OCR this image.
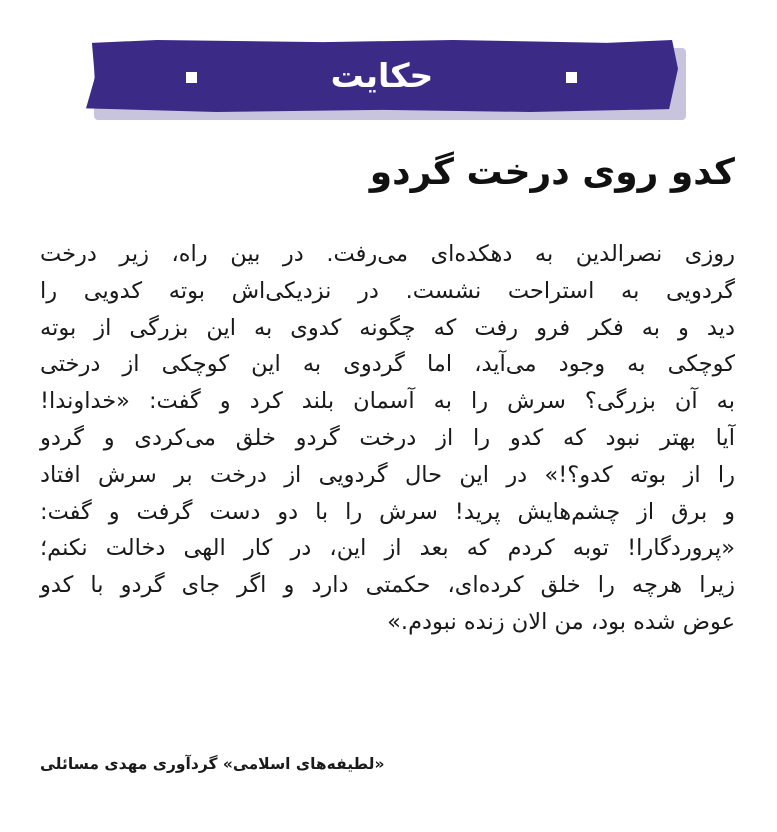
حکایت
کدو روی درخت گردو
روزی نصرالدین به دهکده‌ای می‌رفت. در بین راه، زیر درخت
گردویی به استراحت نشست. در نزدیکی‌اش بوته کدویی را
دید و به فکر فرو رفت که چگونه کدوی به این بزرگی از بوته
کوچکی به وجود می‌آید، اما گردوی به این کوچکی از درختی
به آن بزرگی؟ سرش را به آسمان بلند کرد و گفت: «خداوندا!
آیا بهتر نبود که کدو را از درخت گردو خلق می‌کردی و گردو
را از بوته کدو؟!» در این حال گردویی از درخت بر سرش افتاد
و برق از چشم‌هایش پرید! سرش را با دو دست گرفت و گفت:
«پروردگارا! توبه کردم که بعد از این، در کار الهی دخالت نکنم؛
زیرا هرچه را خلق کرده‌ای، حکمتی دارد و اگر جای گردو با کدو
عوض شده بود، من الان زنده نبودم.»
«لطیفه‌های اسلامی» گردآوری مهدی مسائلی
